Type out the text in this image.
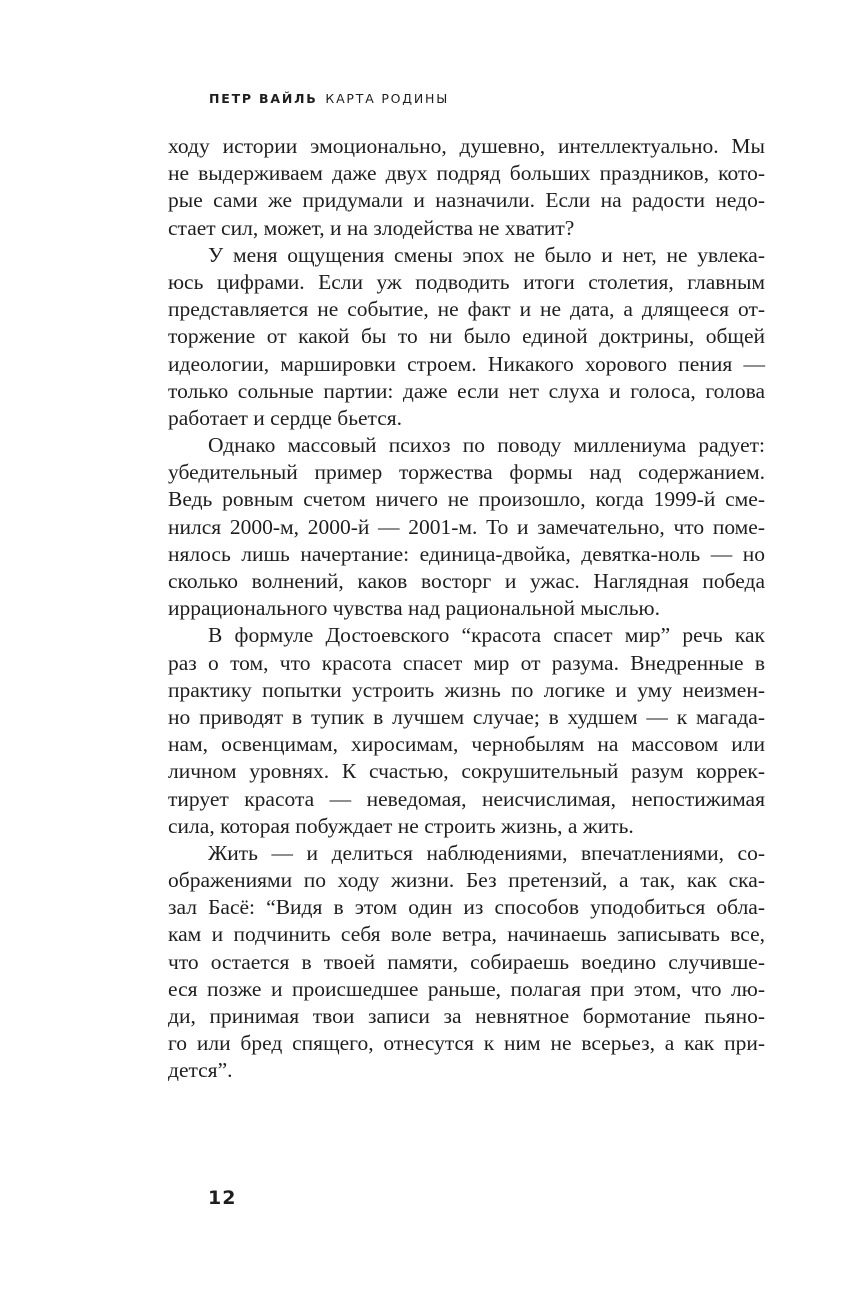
ПЕТР ВАЙЛЬ КАРТА РОДИНЫ
ходу истории эмоционально, душевно, интеллектуально. Мы
не выдерживаем даже двух подряд больших праздников, кото-
рые сами же придумали и назначили. Если на радости недо-
стает сил, может, и на злодейства не хватит?
У меня ощущения смены эпох не было и нет, не увлека-
юсь цифрами. Если уж подводить итоги столетия, главным
представляется не событие, не факт и не дата, а длящееся от-
торжение от какой бы то ни было единой доктрины, общей
идеологии, маршировки строем. Никакого хорового пения —
только сольные партии: даже если нет слуха и голоса, голова
работает и сердце бьется.
Однако массовый психоз по поводу миллениума радует:
убедительный пример торжества формы над содержанием.
Ведь ровным счетом ничего не произошло, когда 1999-й сме-
нился 2000-м, 2000-й — 2001-м. То и замечательно, что поме-
нялось лишь начертание: единица-двойка, девятка-ноль — но
сколько волнений, каков восторг и ужас. Наглядная победа
иррационального чувства над рациональной мыслью.
В формуле Достоевского “красота спасет мир” речь как
раз о том, что красота спасет мир от разума. Внедренные в
практику попытки устроить жизнь по логике и уму неизмен-
но приводят в тупик в лучшем случае; в худшем — к магада-
нам, освенцимам, хиросимам, чернобылям на массовом или
личном уровнях. К счастью, сокрушительный разум коррек-
тирует красота — неведомая, неисчислимая, непостижимая
сила, которая побуждает не строить жизнь, а жить.
Жить — и делиться наблюдениями, впечатлениями, со-
ображениями по ходу жизни. Без претензий, а так, как ска-
зал Басё: “Видя в этом один из способов уподобиться обла-
кам и подчинить себя воле ветра, начинаешь записывать все,
что остается в твоей памяти, собираешь воедино случивше-
еся позже и происшедшее раньше, полагая при этом, что лю-
ди, принимая твои записи за невнятное бормотание пьяно-
го или бред спящего, отнесутся к ним не всерьез, а как при-
дется”.
12
